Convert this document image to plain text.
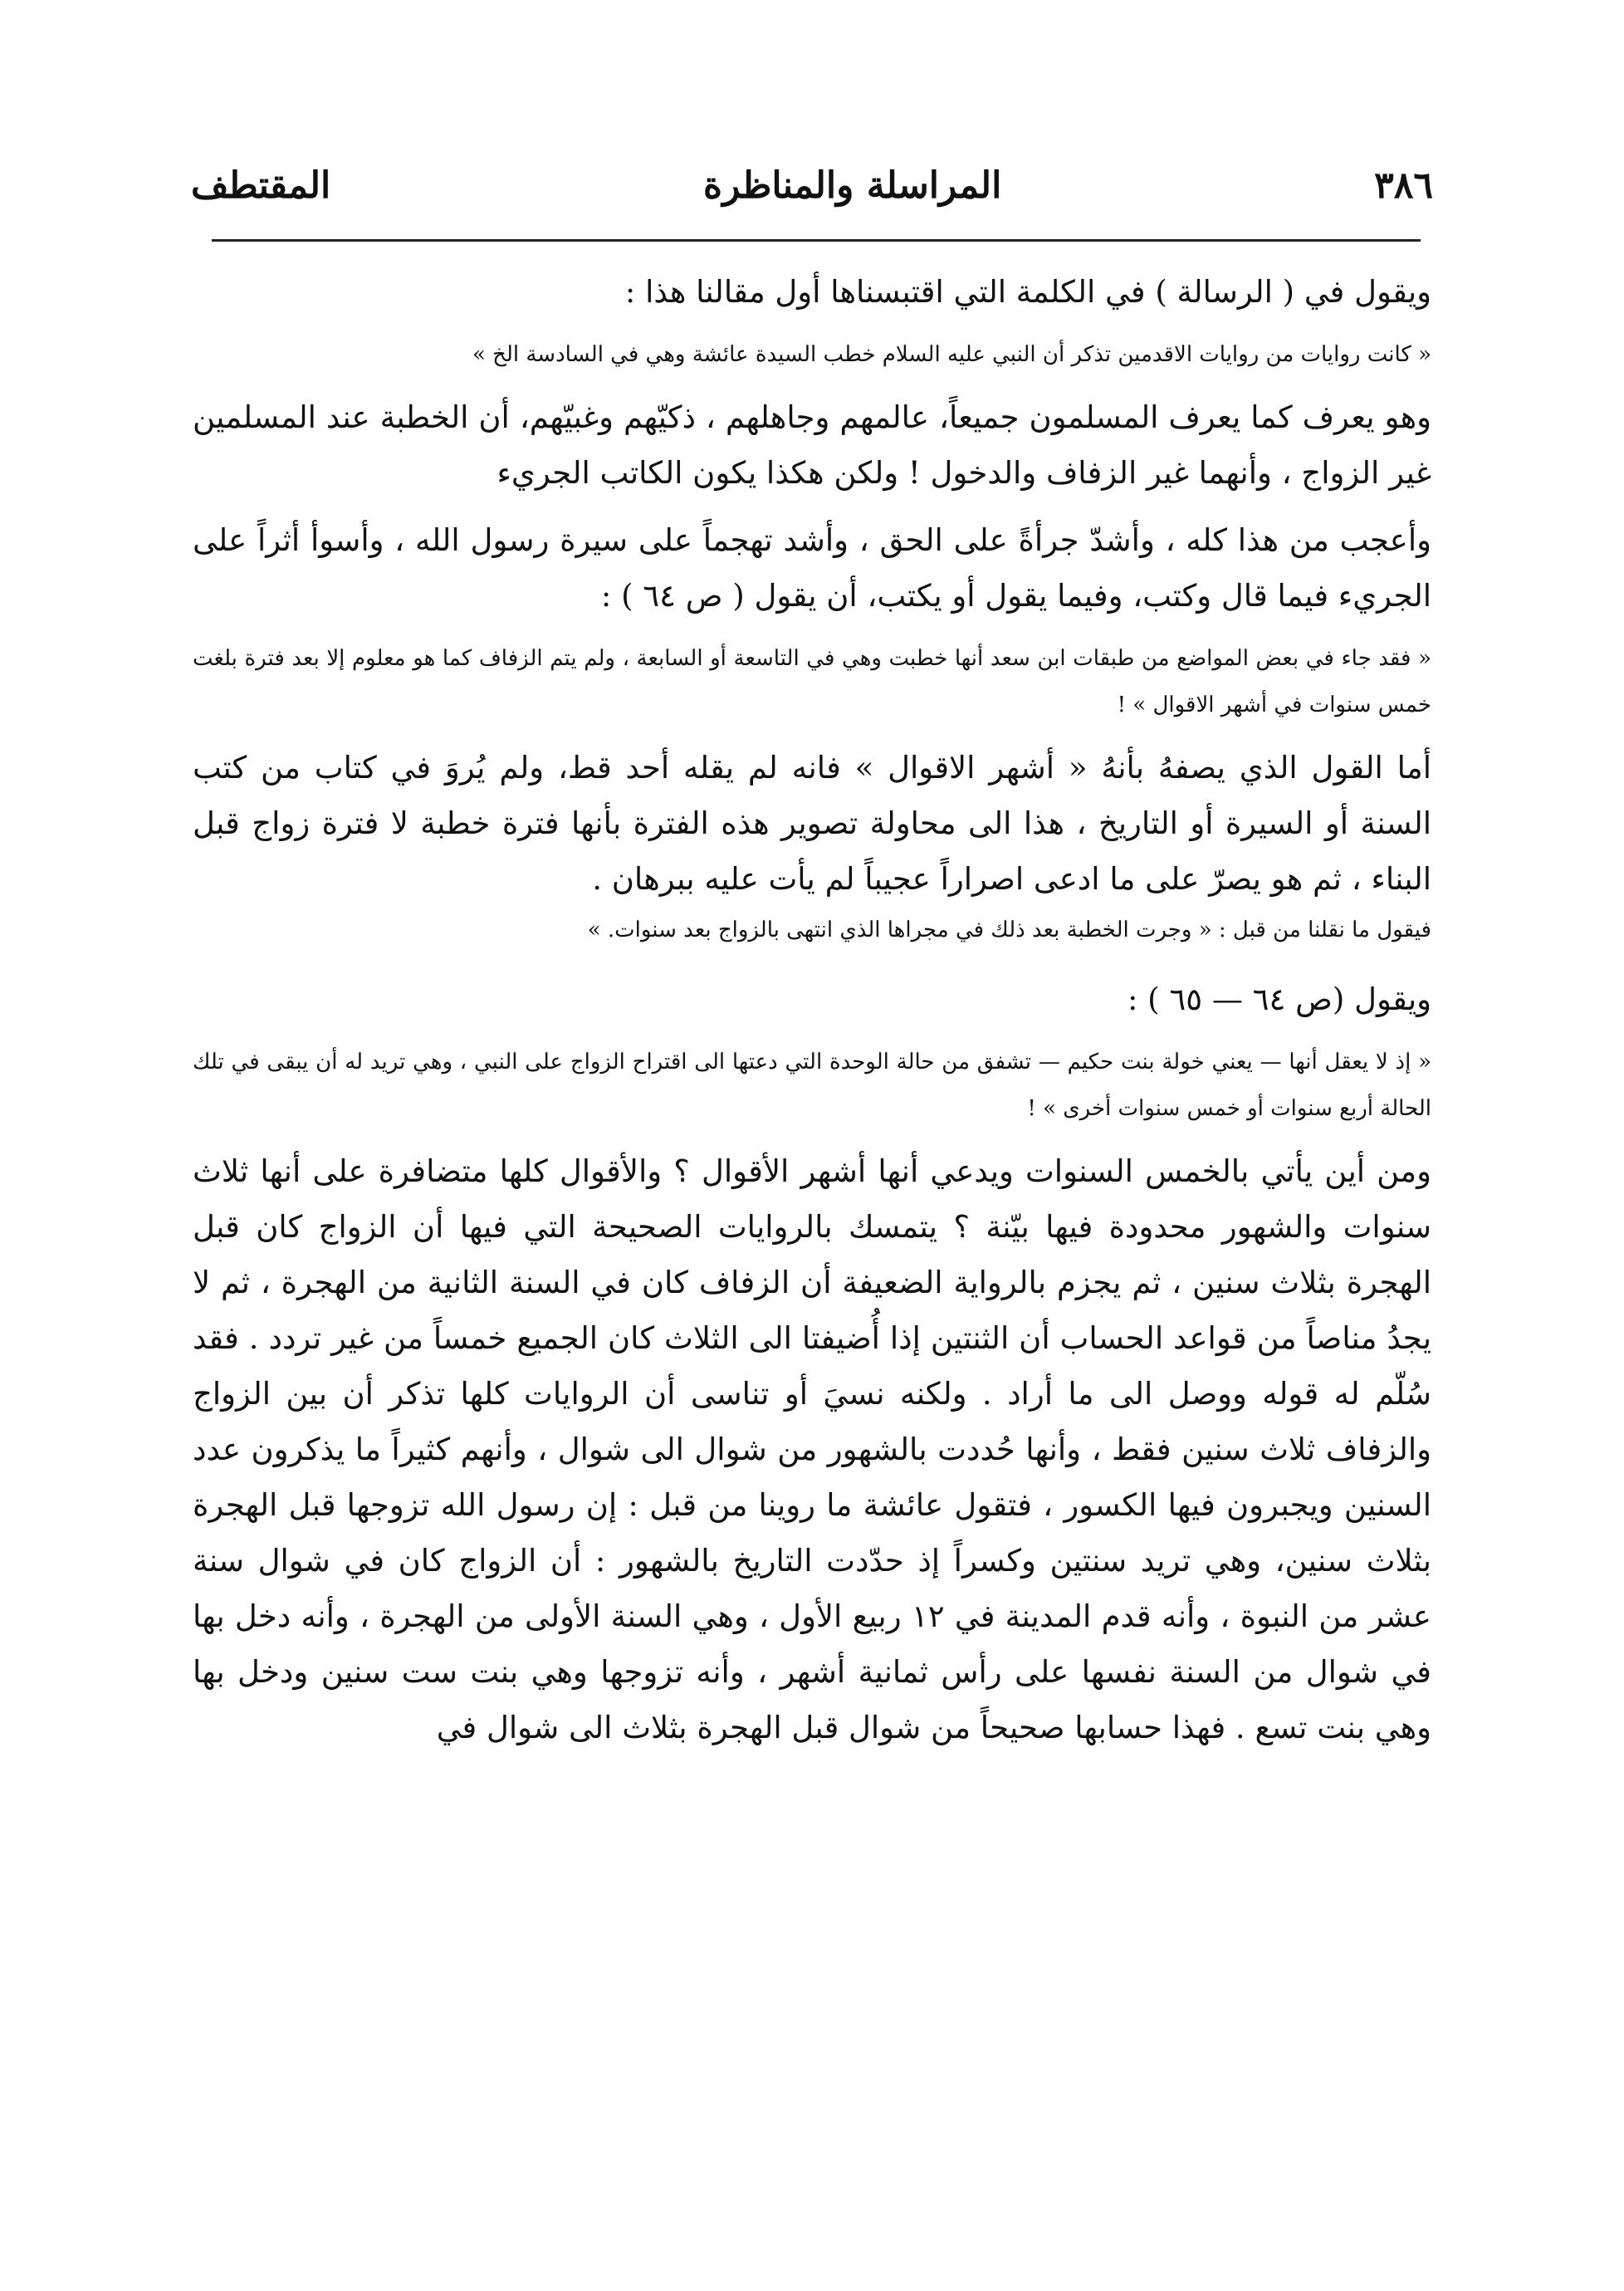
٣٨٦
المراسلة والمناظرة
المقتطف

ويقول في ( الرسالة ) في الكلمة التي اقتبسناها أول مقالنا هذا :

« كانت روايات من روايات الاقدمين تذكر أن النبي عليه السلام خطب السيدة عائشة وهي في السادسة الخ »

وهو يعرف كما يعرف المسلمون جميعاً، عالمهم وجاهلهم ، ذكيّهم وغبيّهم، أن الخطبة عند المسلمين غير الزواج ، وأنهما غير الزفاف والدخول ! ولكن هكذا يكون الكاتب الجريء

وأعجب من هذا كله ، وأشدّ جرأةً على الحق ، وأشد تهجماً على سيرة رسول الله ، وأسوأ أثراً على الجريء فيما قال وكتب، وفيما يقول أو يكتب، أن يقول ( ص ٦٤ ) :

« فقد جاء في بعض المواضع من طبقات ابن سعد أنها خطبت وهي في التاسعة أو السابعة ، ولم يتم الزفاف كما هو معلوم إلا بعد فترة بلغت خمس سنوات في أشهر الاقوال » !

أما القول الذي يصفهُ بأنهُ « أشهر الاقوال » فانه لم يقله أحد قط، ولم يُروَ في كتاب من كتب السنة أو السيرة أو التاريخ ، هذا الى محاولة تصوير هذه الفترة بأنها فترة خطبة لا فترة زواج قبل البناء ، ثم هو يصرّ على ما ادعى اصراراً عجيباً لم يأت عليه ببرهان .

فيقول ما نقلنا من قبل : « وجرت الخطبة بعد ذلك في مجراها الذي انتهى بالزواج بعد سنوات. »

ويقول (ص ٦٤ — ٦٥ ) :

« إذ لا يعقل أنها — يعني خولة بنت حكيم — تشفق من حالة الوحدة التي دعتها الى اقتراح الزواج على النبي ، وهي تريد له أن يبقى في تلك الحالة أربع سنوات أو خمس سنوات أخرى » !

ومن أين يأتي بالخمس السنوات ويدعي أنها أشهر الأقوال ؟ والأقوال كلها متضافرة على أنها ثلاث سنوات والشهور محدودة فيها بيّنة ؟ يتمسك بالروايات الصحيحة التي فيها أن الزواج كان قبل الهجرة بثلاث سنين ، ثم يجزم بالرواية الضعيفة أن الزفاف كان في السنة الثانية من الهجرة ، ثم لا يجدُ مناصاً من قواعد الحساب أن الثنتين إذا أُضيفتا الى الثلاث كان الجميع خمساً من غير تردد . فقد سُلّم له قوله ووصل الى ما أراد . ولكنه نسيَ أو تناسى أن الروايات كلها تذكر أن بين الزواج والزفاف ثلاث سنين فقط ، وأنها حُددت بالشهور من شوال الى شوال ، وأنهم كثيراً ما يذكرون عدد السنين ويجبرون فيها الكسور ، فتقول عائشة ما روينا من قبل : إن رسول الله تزوجها قبل الهجرة بثلاث سنين، وهي تريد سنتين وكسراً إذ حدّدت التاريخ بالشهور : أن الزواج كان في شوال سنة عشر من النبوة ، وأنه قدم المدينة في ١٢ ربيع الأول ، وهي السنة الأولى من الهجرة ، وأنه دخل بها في شوال من السنة نفسها على رأس ثمانية أشهر ، وأنه تزوجها وهي بنت ست سنين ودخل بها وهي بنت تسع . فهذا حسابها صحيحاً من شوال قبل الهجرة بثلاث الى شوال في
